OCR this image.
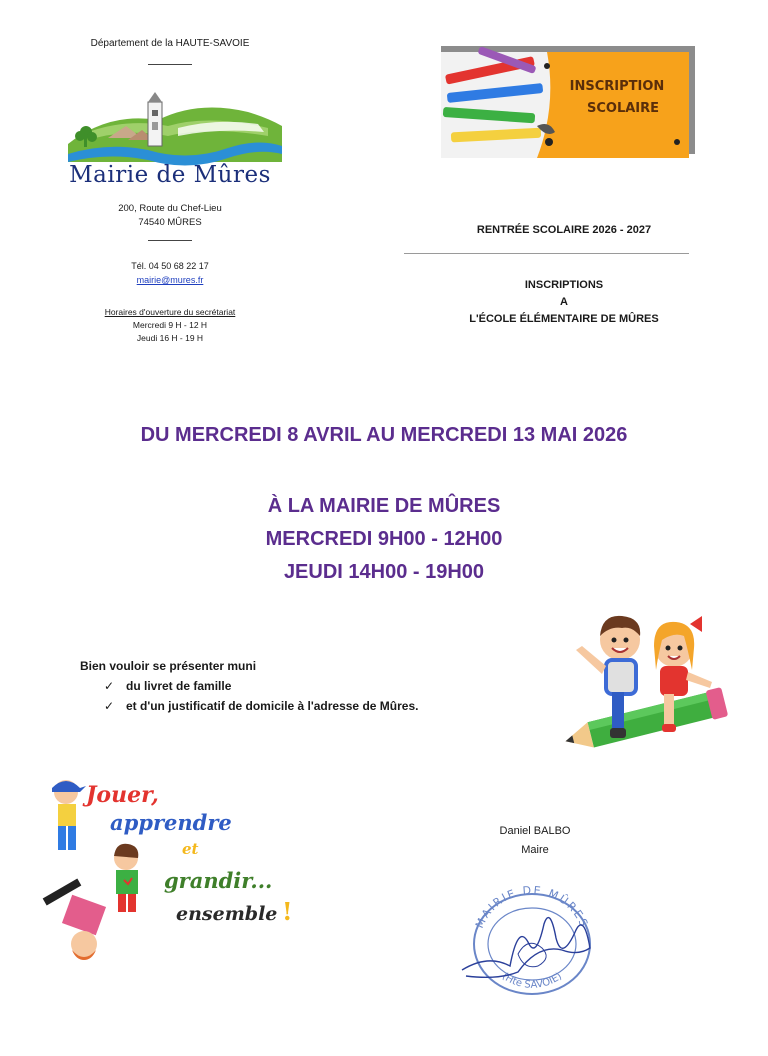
Département de la HAUTE-SAVOIE
Mairie de Mûres
200, Route du Chef-Lieu
74540 MÛRES
Tél. 04 50 68 22 17
mairie@mures.fr
Horaires d'ouverture du secrétariat
Mercredi 9 H - 12 H
Jeudi 16 H - 19 H
INSCRIPTION
SCOLAIRE
RENTRÉE SCOLAIRE 2026 - 2027
INSCRIPTIONS
A
L'ÉCOLE ÉLÉMENTAIRE DE MÛRES
DU MERCREDI 8 AVRIL AU MERCREDI 13 MAI 2026
À LA MAIRIE DE MÛRES
MERCREDI 9H00 - 12H00
JEUDI 14H00 - 19H00
Bien vouloir se présenter muni
✓ du livret de famille
✓ et d'un justificatif de domicile à l'adresse de Mûres.
Jouer,
apprendre
et
grandir...
ensemble !
Daniel BALBO
Maire
MAIRIE DE MÛRES
(Hte SAVOIE)
